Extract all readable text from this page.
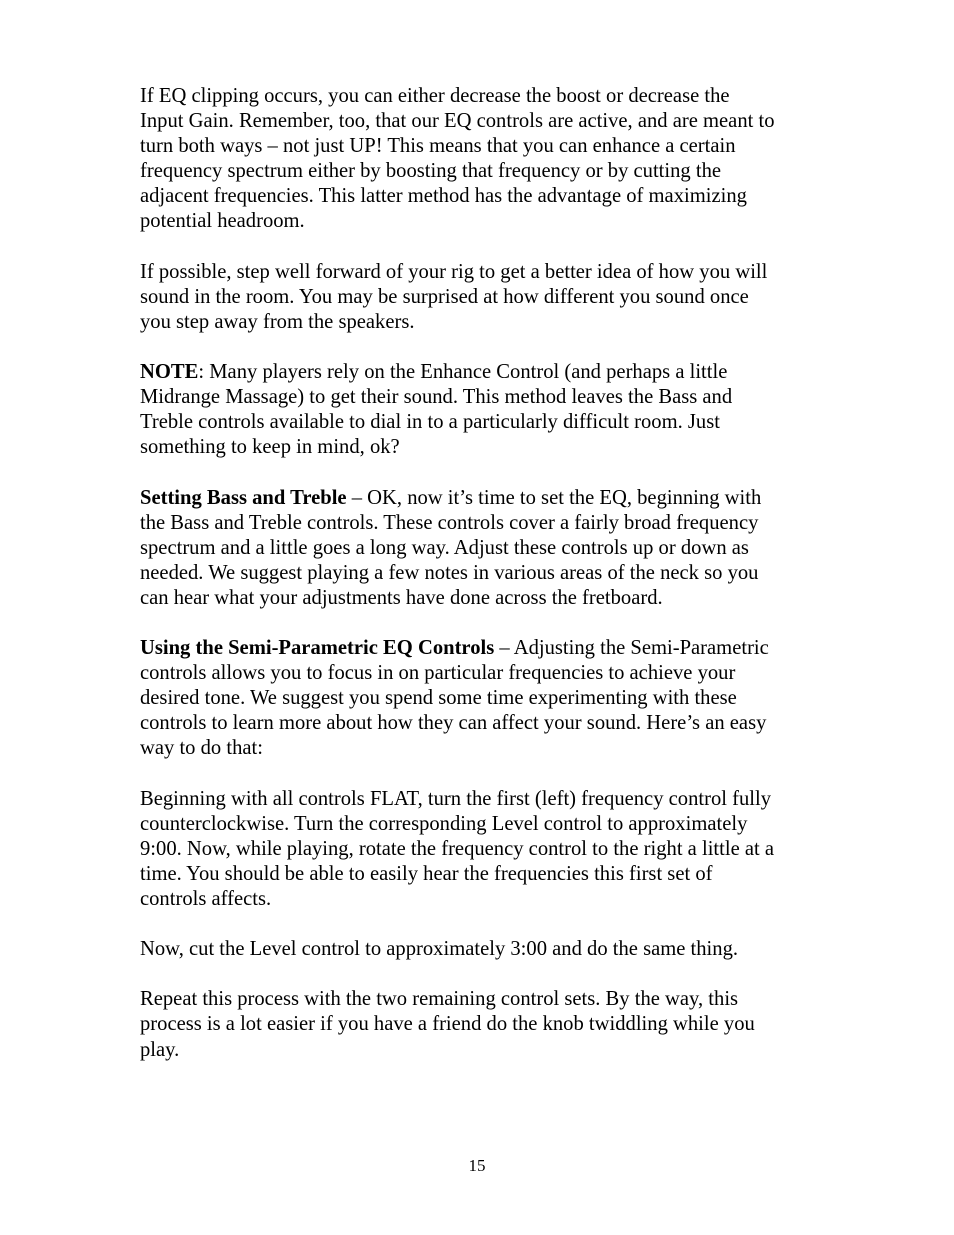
If EQ clipping occurs, you can either decrease the boost or decrease the
Input Gain. Remember, too, that our EQ controls are active, and are meant to
turn both ways – not just UP! This means that you can enhance a certain
frequency spectrum either by boosting that frequency or by cutting the
adjacent frequencies. This latter method has the advantage of maximizing
potential headroom.

If possible, step well forward of your rig to get a better idea of how you will
sound in the room. You may be surprised at how different you sound once
you step away from the speakers.

NOTE: Many players rely on the Enhance Control (and perhaps a little
Midrange Massage) to get their sound. This method leaves the Bass and
Treble controls available to dial in to a particularly difficult room. Just
something to keep in mind, ok?

Setting Bass and Treble – OK, now it’s time to set the EQ, beginning with
the Bass and Treble controls. These controls cover a fairly broad frequency
spectrum and a little goes a long way. Adjust these controls up or down as
needed. We suggest playing a few notes in various areas of the neck so you
can hear what your adjustments have done across the fretboard.

Using the Semi-Parametric EQ Controls – Adjusting the Semi-Parametric
controls allows you to focus in on particular frequencies to achieve your
desired tone. We suggest you spend some time experimenting with these
controls to learn more about how they can affect your sound. Here’s an easy
way to do that:

Beginning with all controls FLAT, turn the first (left) frequency control fully
counterclockwise. Turn the corresponding Level control to approximately
9:00. Now, while playing, rotate the frequency control to the right a little at a
time. You should be able to easily hear the frequencies this first set of
controls affects.

Now, cut the Level control to approximately 3:00 and do the same thing.

Repeat this process with the two remaining control sets. By the way, this
process is a lot easier if you have a friend do the knob twiddling while you
play.

15
